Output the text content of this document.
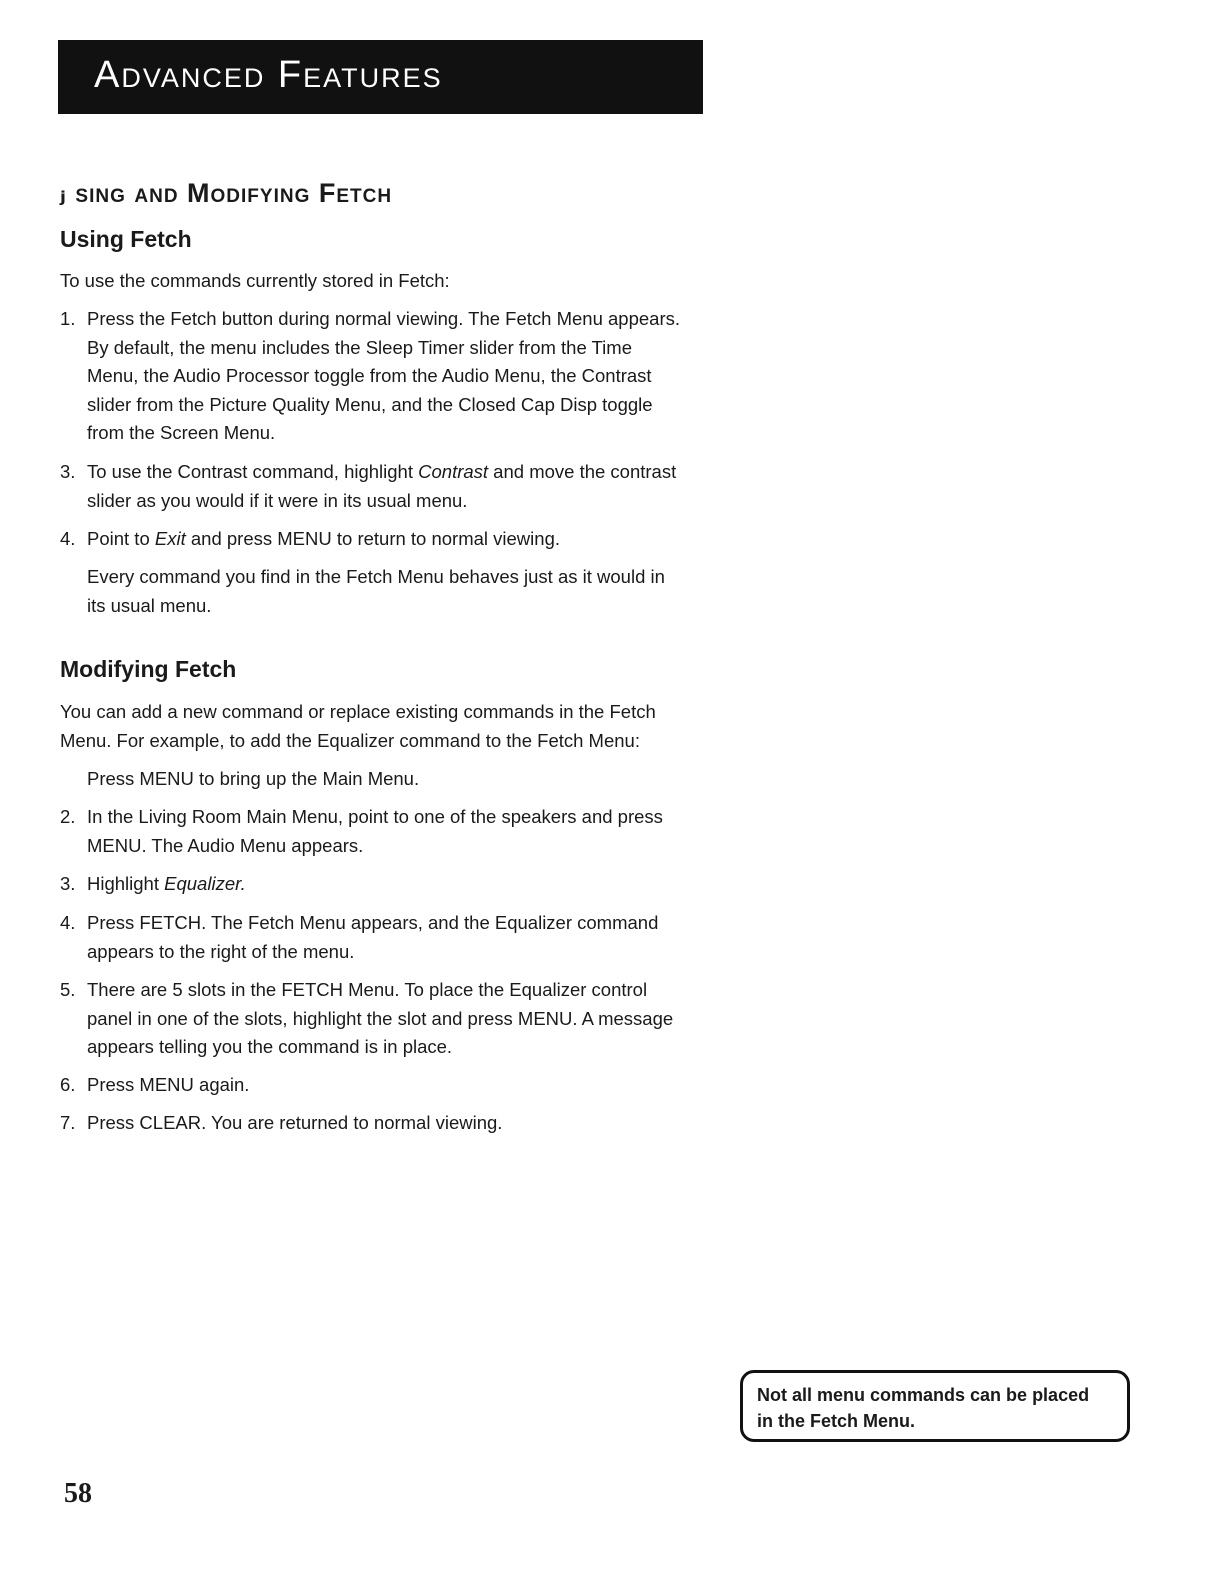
Advanced Features
ⱼ sing and Modifying Fetch
Using Fetch
To use the commands currently stored in Fetch:
1. Press the Fetch button during normal viewing. The Fetch Menu appears.
By default, the menu includes the Sleep Timer slider from the Time
Menu, the Audio Processor toggle from the Audio Menu, the Contrast
slider from the Picture Quality Menu, and the Closed Cap Disp toggle
from the Screen Menu.
3. To use the Contrast command, highlight Contrast and move the contrast
slider as you would if it were in its usual menu.
4. Point to Exit and press MENU to return to normal viewing.
Every command you find in the Fetch Menu behaves just as it would in
its usual menu.
Modifying Fetch
You can add a new command or replace existing commands in the Fetch
Menu. For example, to add the Equalizer command to the Fetch Menu:
Press MENU to bring up the Main Menu.
2. In the Living Room Main Menu, point to one of the speakers and press
MENU. The Audio Menu appears.
3. Highlight Equalizer.
4. Press FETCH. The Fetch Menu appears, and the Equalizer command
appears to the right of the menu.
5. There are 5 slots in the FETCH Menu. To place the Equalizer control
panel in one of the slots, highlight the slot and press MENU. A message
appears telling you the command is in place.
6. Press MENU again.
7. Press CLEAR. You are returned to normal viewing.
Not all menu commands can be placed
in the Fetch Menu.
58
